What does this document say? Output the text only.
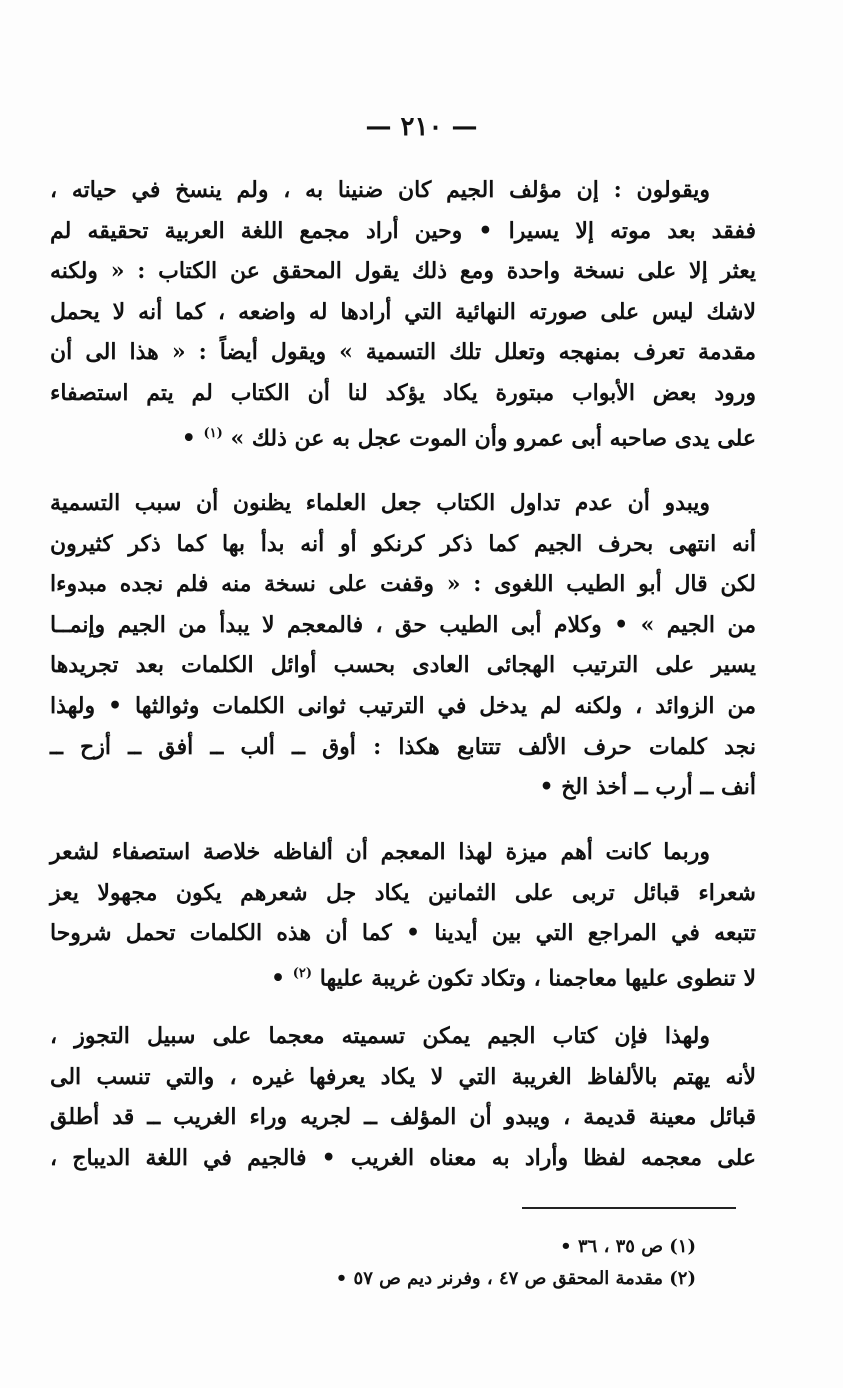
— ٢١٠ —

ويقولون : إن مؤلف الجيم كان ضنينا به ، ولم ينسخ في حياته ،
ففقد بعد موته إلا يسيرا • وحين أراد مجمع اللغة العربية تحقيقه لم
يعثر إلا على نسخة واحدة ومع ذلك يقول المحقق عن الكتاب : « ولكنه
لاشك ليس على صورته النهائية التي أرادها له واضعه ، كما أنه لا يحمل
مقدمة تعرف بمنهجه وتعلل تلك التسمية » ويقول أيضاً : « هذا الى أن
ورود بعض الأبواب مبتورة يكاد يؤكد لنا أن الكتاب لم يتم استصفاء
على يدى صاحبه أبى عمرو وأن الموت عجل به عن ذلك » $^{(١)}$ •

ويبدو أن عدم تداول الكتاب جعل العلماء يظنون أن سبب التسمية
أنه انتهى بحرف الجيم كما ذكر كرنكو أو أنه بدأ بها كما ذكر كثيرون
لكن قال أبو الطيب اللغوى : « وقفت على نسخة منه فلم نجده مبدوءا
من الجيم » • وكلام أبى الطيب حق ، فالمعجم لا يبدأ من الجيم وإنمــا
يسير على الترتيب الهجائى العادى بحسب أوائل الكلمات بعد تجريدها
من الزوائد ، ولكنه لم يدخل في الترتيب ثوانى الكلمات وثوالثها • ولهذا
نجد كلمات حرف الألف تتتابع هكذا : أوق ــ ألب ــ أفق ــ أزح ــ
أنف ــ أرب ــ أخذ الخ •

وربما كانت أهم ميزة لهذا المعجم أن ألفاظه خلاصة استصفاء لشعر
شعراء قبائل تربى على الثمانين يكاد جل شعرهم يكون مجهولا يعز
تتبعه في المراجع التي بين أيدينا • كما أن هذه الكلمات تحمل شروحا
لا تنطوى عليها معاجمنا ، وتكاد تكون غريبة عليها $^{(٢)}$ •

ولهذا فإن كتاب الجيم يمكن تسميته معجما على سبيل التجوز ،
لأنه يهتم بالألفاظ الغريبة التي لا يكاد يعرفها غيره ، والتي تنسب الى
قبائل معينة قديمة ، ويبدو أن المؤلف ــ لجريه وراء الغريب ــ قد أطلق
على معجمه لفظا وأراد به معناه الغريب • فالجيم في اللغة الديباج ،

(١) ص ٣٥ ، ٣٦ •
(٢) مقدمة المحقق ص ٤٧ ، وفرنر ديم ص ٥٧ •
